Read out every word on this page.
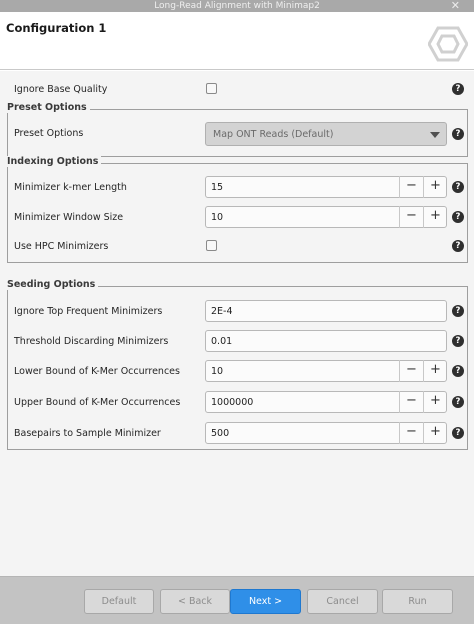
Long-Read Alignment with Minimap2	✕
Configuration 1
Ignore Base Quality	?
Preset Options
Preset Options	Map ONT Reads (Default)	?
Indexing Options
Minimizer k-mer Length	15	−	+	?
Minimizer Window Size	10	−	+	?
Use HPC Minimizers	?
Seeding Options
Ignore Top Frequent Minimizers	2E-4	?
Threshold Discarding Minimizers	0.01	?
Lower Bound of K-Mer Occurrences	10	−	+	?
Upper Bound of K-Mer Occurrences	1000000	−	+	?
Basepairs to Sample Minimizer	500	−	+	?
Default	< Back	Next >	Cancel	Run
